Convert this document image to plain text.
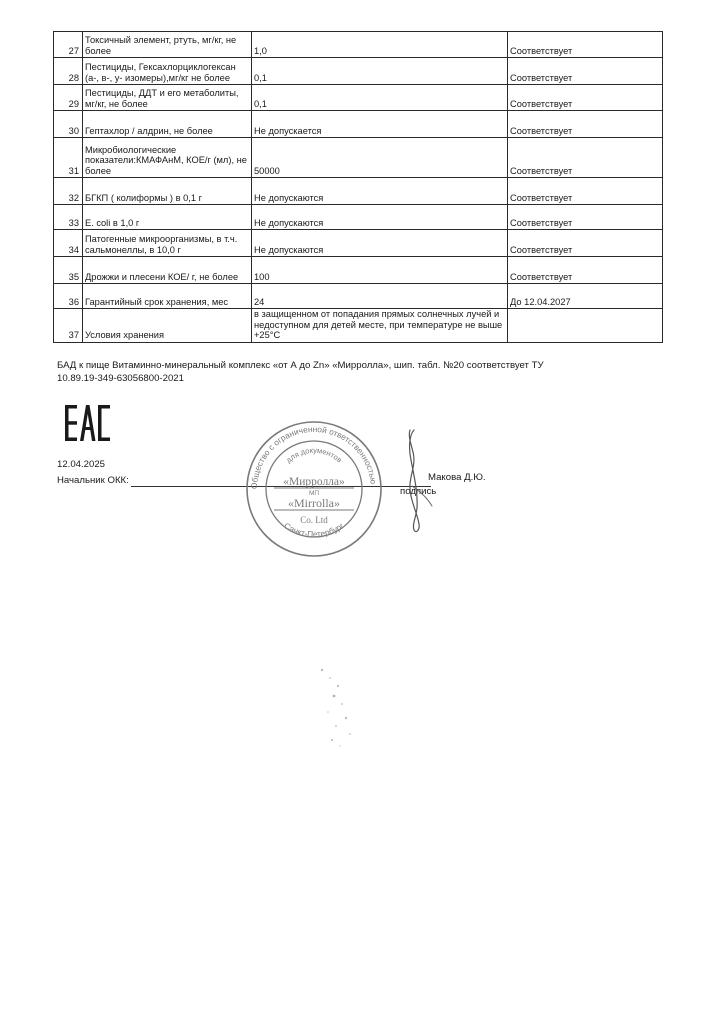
27	Токсичный элемент, ртуть, мг/кг, не более	1,0	Соответствует
28	Пестициды, Гексахлорциклогексан (а-, в-, у- изомеры),мг/кг не более	0,1	Соответствует
29	Пестициды, ДДТ и его метаболиты, мг/кг, не более	0,1	Соответствует
30	Гептахлор / алдрин, не более	Не допускается	Соответствует
31	Микробиологические показатели:КМАФАнМ, КОЕ/г (мл), не более	50000	Соответствует
32	БГКП ( колиформы ) в 0,1 г	Не допускаются	Соответствует
33	E. coli в 1,0 г	Не допускаются	Соответствует
34	Патогенные микроорганизмы, в т.ч. сальмонеллы, в 10,0 г	Не допускаются	Соответствует
35	Дрожжи и плесени КОЕ/ г, не более	100	Соответствует
36	Гарантийный срок хранения, мес	24	До 12.04.2027
37	Условия хранения	в защищенном от попадания прямых солнечных лучей и недоступном для детей месте, при температуре не выше +25°С	
БАД к пище Витаминно-минеральный комплекс «от А до Zn» «Мирролла», шип. табл. №20 соответствует ТУ 10.89.19-349-63056800-2021
12.04.2025
Начальник ОКК:	Макова Д.Ю.
подпись
Общество с ограниченной ответственностью
Санкт-Петербург
для документов
«Мирролла»
МП
«Mirrolla»
Co. Ltd
